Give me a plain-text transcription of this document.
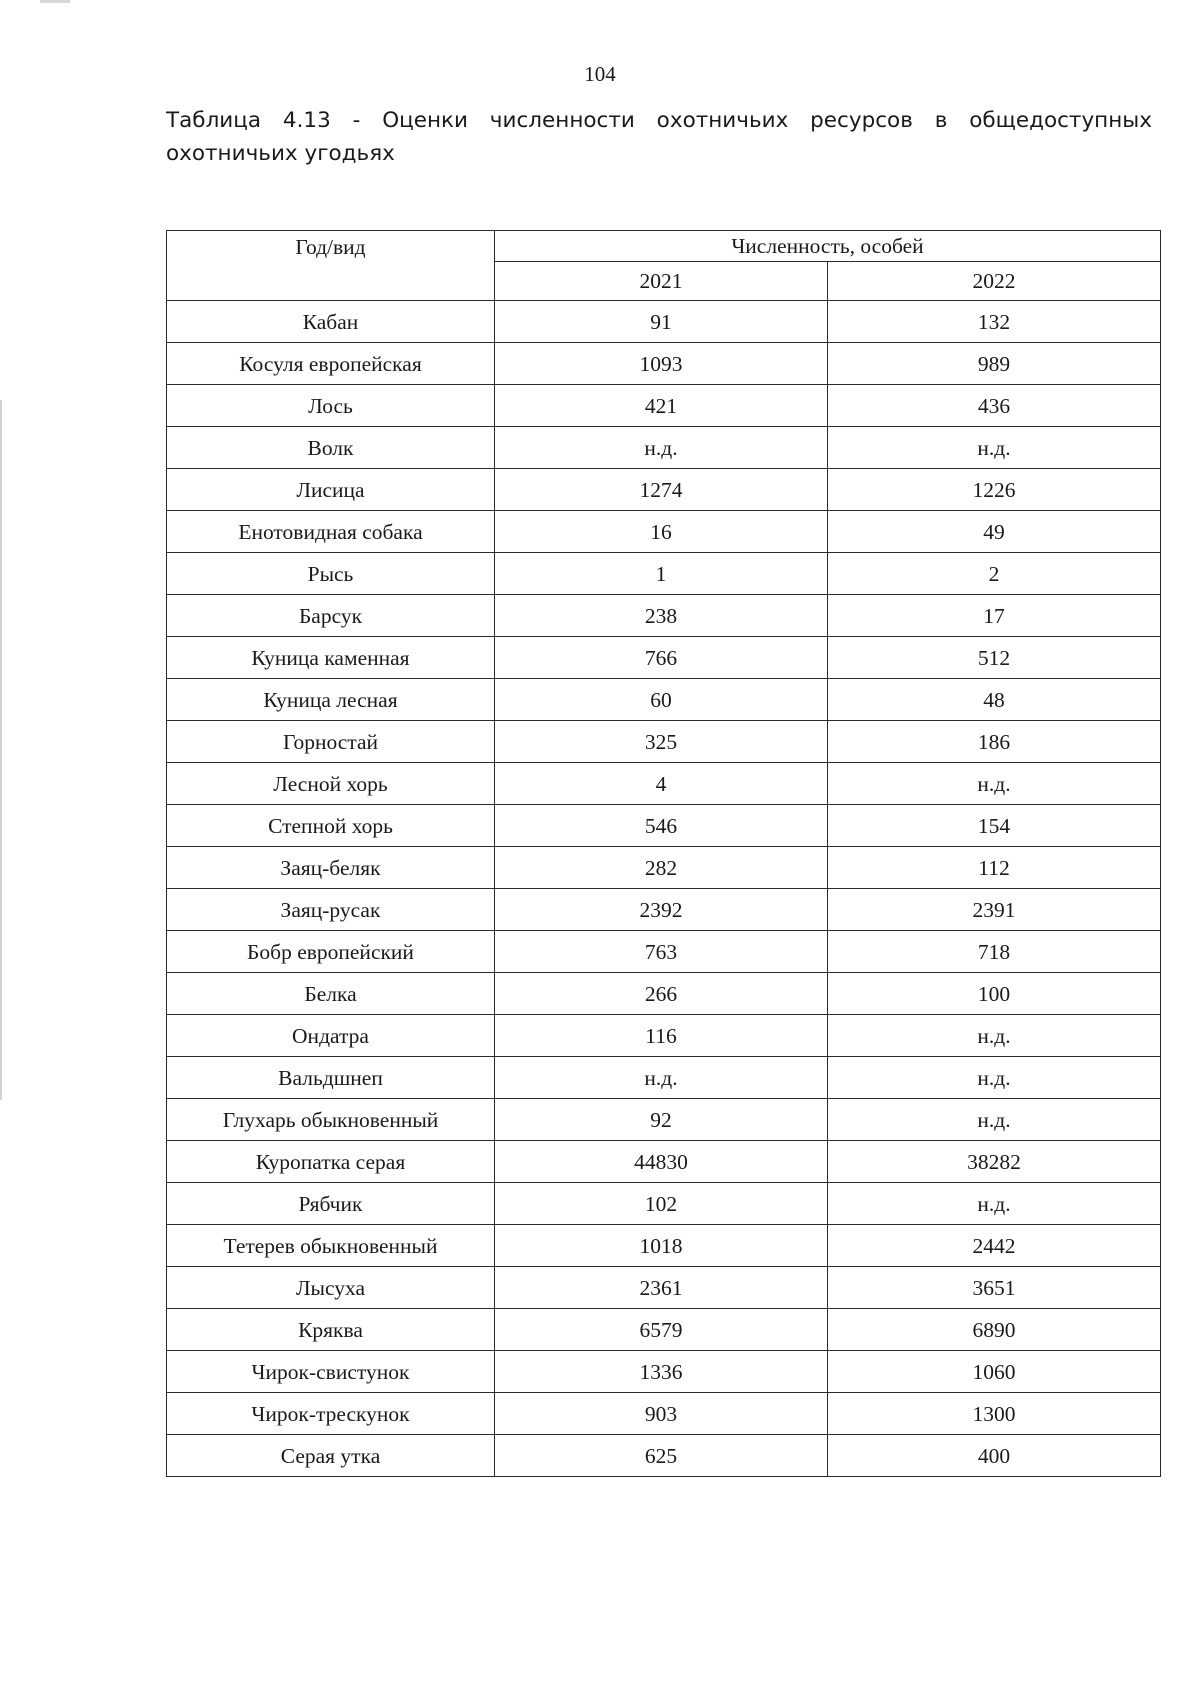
104
Таблица 4.13 - Оценки численности охотничьих ресурсов в общедоступных охотничьих угодьях
Год/вид	Численность, особей	
	2021	2022
Кабан	91	132
Косуля европейская	1093	989
Лось	421	436
Волк	н.д.	н.д.
Лисица	1274	1226
Енотовидная собака	16	49
Рысь	1	2
Барсук	238	17
Куница каменная	766	512
Куница лесная	60	48
Горностай	325	186
Лесной хорь	4	н.д.
Степной хорь	546	154
Заяц-беляк	282	112
Заяц-русак	2392	2391
Бобр европейский	763	718
Белка	266	100
Ондатра	116	н.д.
Вальдшнеп	н.д.	н.д.
Глухарь обыкновенный	92	н.д.
Куропатка серая	44830	38282
Рябчик	102	н.д.
Тетерев обыкновенный	1018	2442
Лысуха	2361	3651
Кряква	6579	6890
Чирок-свистунок	1336	1060
Чирок-трескунок	903	1300
Серая утка	625	400
